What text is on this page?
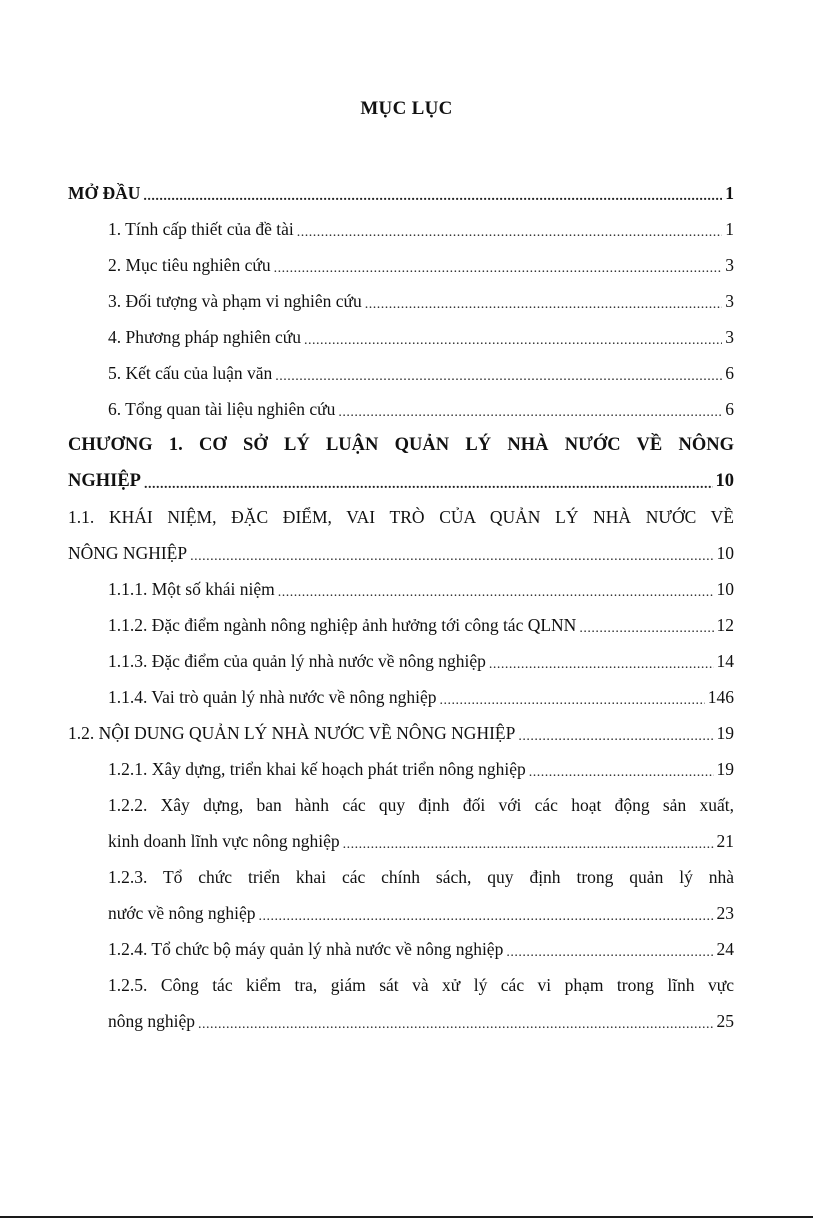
MỤC LỤC
MỞ ĐẦU .....	1
1. Tính cấp thiết của đề tài .....	1
2. Mục tiêu nghiên cứu .....	3
3. Đối tượng và phạm vi nghiên cứu .....	3
4. Phương pháp nghiên cứu .....	3
5. Kết cấu của luận văn .....	6
6. Tổng quan tài liệu nghiên cứu .....	6
CHƯƠNG 1. CƠ SỞ LÝ LUẬN QUẢN LÝ NHÀ NƯỚC VỀ NÔNG
NGHIỆP .....	10
1.1. KHÁI NIỆM, ĐẶC ĐIỂM, VAI TRÒ CỦA QUẢN LÝ NHÀ NƯỚC VỀ
NÔNG NGHIỆP .....	10
1.1.1. Một số khái niệm .....	10
1.1.2. Đặc điểm ngành nông nghiệp ảnh hưởng tới công tác QLNN .....	12
1.1.3. Đặc điểm của quản lý nhà nước về nông nghiệp .....	14
1.1.4. Vai trò quản lý nhà nước về nông nghiệp .....	146
1.2. NỘI DUNG QUẢN LÝ NHÀ NƯỚC VỀ NÔNG NGHIỆP .....	19
1.2.1. Xây dựng, triển khai kế hoạch phát triển nông nghiệp .....	19
1.2.2. Xây dựng, ban hành các quy định đối với các hoạt động sản xuất,
kinh doanh lĩnh vực nông nghiệp .....	21
1.2.3. Tổ chức triển khai các chính sách, quy định trong quản lý nhà
nước về nông nghiệp .....	23
1.2.4. Tổ chức bộ máy quản lý nhà nước về nông nghiệp .....	24
1.2.5. Công tác kiểm tra, giám sát và xử lý các vi phạm trong lĩnh vực
nông nghiệp .....	25
